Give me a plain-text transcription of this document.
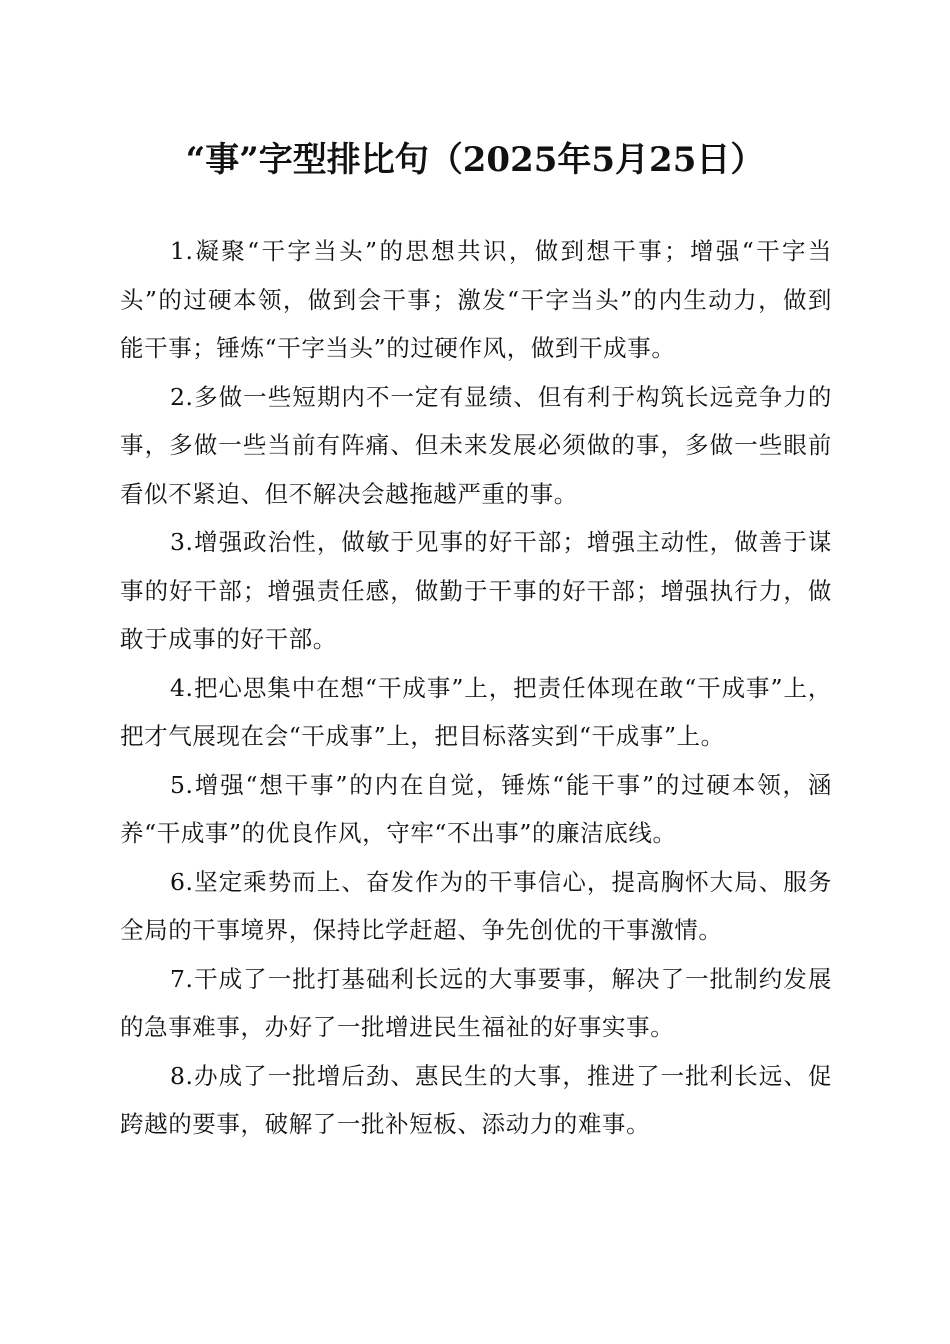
“事”字型排比句（2025年5月25日）

1.凝聚“干字当头”的思想共识，做到想干事；增强“干字当头”的过硬本领，做到会干事；激发“干字当头”的内生动力，做到能干事；锤炼“干字当头”的过硬作风，做到干成事。

2.多做一些短期内不一定有显绩、但有利于构筑长远竞争力的事，多做一些当前有阵痛、但未来发展必须做的事，多做一些眼前看似不紧迫、但不解决会越拖越严重的事。

3.增强政治性，做敏于见事的好干部；增强主动性，做善于谋事的好干部；增强责任感，做勤于干事的好干部；增强执行力，做敢于成事的好干部。

4.把心思集中在想“干成事”上，把责任体现在敢“干成事”上，把才气展现在会“干成事”上，把目标落实到“干成事”上。

5.增强“想干事”的内在自觉，锤炼“能干事”的过硬本领，涵养“干成事”的优良作风，守牢“不出事”的廉洁底线。

6.坚定乘势而上、奋发作为的干事信心，提高胸怀大局、服务全局的干事境界，保持比学赶超、争先创优的干事激情。

7.干成了一批打基础利长远的大事要事，解决了一批制约发展的急事难事，办好了一批增进民生福祉的好事实事。

8.办成了一批增后劲、惠民生的大事，推进了一批利长远、促跨越的要事，破解了一批补短板、添动力的难事。
